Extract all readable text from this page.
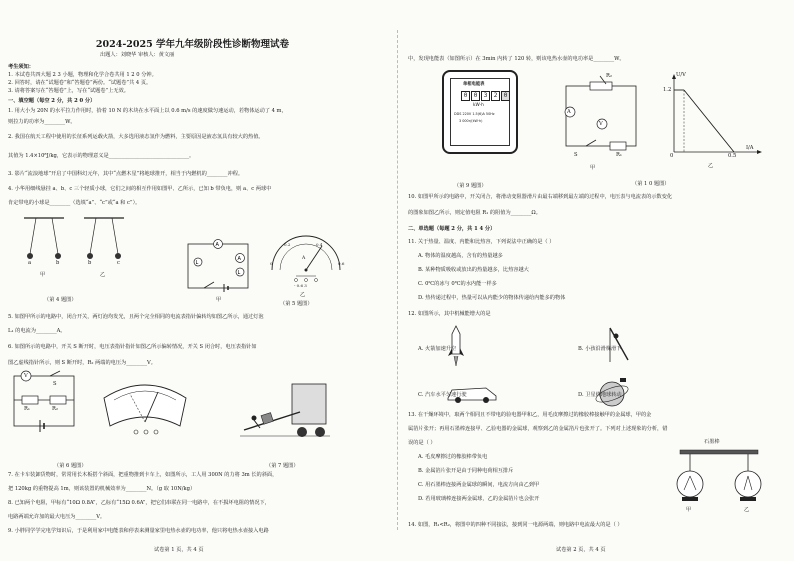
2024-2025 学年九年级阶段性诊断物理试卷
出题人：刘晓华 审核人：黄文丽
考生须知：
1. 本试卷共四大题 2 3 小题，物理和化学合卷共用 1 2 0 分钟。
2. 回答时，请在“试题卷”和“答题卷”两份。“试题卷”共 4 页。
3. 请将答案写在“答题卷”上，写在“试题卷”上无效。
一、填空题（每空 2 分，共 2 0 分）
1. 用大小为 20N 的水平拉力作用时，拾着 10 N 的木块在水平面上以 0.6 m/s 的速度做匀速运动，若物体运动了 4 m，
则拉力的功率为________W。
2. 我国在航天工程中使用的长征系列运载火箭，大多选用液态氢作为燃料，主要原因是液态氢具有较大的热值。
其值为 1.4×10⁸J/kg，它表示的物理意义是_______________________________。
3. 影片“流浪地球”开启了中国科幻元年，其中“点燃木星”将地球推开，相当于内燃机的________冲程。
4. 小华用细线悬挂 a、b、c 三个轻质小球，它们之间的相互作用如图甲、乙所示，已知 b 带负电，则 a、c 两球中
肯定带电的小球是________（选填“a”、“c”或“a 和 c”）。
a	b	b	c
甲	乙
（第 4 题图）
A
A
L
L
甲
0
0.2	0.4
0.6
A
- 0.6 3
乙
（第 5 题图）
5. 如图甲所示的电路中，闭合开关，两灯泡均发光，且两个完全相同的电流表指针偏转均如图乙所示，通过灯泡
L₁ 的电流为________A。
6. 如图所示的电路中，开关 S 断开时，电压表指针指针如图乙所示偏转情况，开关 S 闭合时，电压表指针如
图乙虚线指针所示，则 S 断开时，R₂ 两端的电压为________V。
V
S
R₁	R₂
（第 6 题图）	（第 7 题图）
7. 在卡车装卸货物时，常常用长木板搭个斜面，把重物推到卡车上，如图所示，工人用 300N 的力将 3m 长的斜面，
把 120kg 的重物提高 1m，则该装置的机械效率为________N。（g 取 10N/kg）
8. 已知两个电阻，甲标有“10Ω 0.8A”，乙标有“15Ω 0.6A”，把它们串联在同一电路中，在不损坏电阻的情况下，
电路两端允许加的最大电压为________V。
9. 小胖同学学完电学知识后，于是利用家中电能表和停表来测量家里电热水壶的电功率，他只将电热水壶接入电路
试卷第 1 页，共 4 页
中，发现电能表（如图所示）在 3min 内转了 120 转，则该电热水壶的电功率是________W。
单相电能表
0	0	3	2	0
kW·h
DDS 220V 1.5(6)A 50Hz
3 000r/(kW·h)
（第 9 题图）
A
V
R₂
S	R₁
甲
U/V
I/A
1.2
0.5
0
乙
（第 1 0 题图）
10. 如图甲所示的电路中，开关闭合，将滑动变阻器滑片由最右端移到最左端的过程中，电压表与电流表的示数变化
的图象如图乙所示，则定值电阻 R₁ 的阻值为________Ω。
二、单选题（每题 2 分，共 1 4 分）
11. 关于热量、温度、内能和比热容，下列说法中正确的是（ ）
A. 物体的温度越高，含有的热量越多
B. 某种物质吸收或放出的热量越多，比热容越大
C. 0℃的冰与 0℃的水内能一样多
D. 热传递过程中，热量可以从内能少的物体传递给内能多的物体
12. 如图所示，其中机械能增大的是
A. 火箭加速升空	B. 小孩沿滑梯滑下
C. 汽车水平匀速行驶	D. 卫星绕地球转动
13. 在干燥环境中，取两个相同且不带电的验电器甲和乙，用毛皮摩擦过的橡胶棒接触甲的金属球，甲的金
属箔片张开；再用石墨棒连接甲、乙验电器的金属球，观察到乙的金属箔片也张开了。下列对上述现象的分析，错
误的是（ ）
A. 毛皮摩擦过的橡胶棒带负电
B. 金属箔片张开是由于同种电荷相互排斥
C. 用石墨棒连接两金属球的瞬间，电流方向由乙到甲
D. 若用玻璃棒连接两金属球，乙的金属箔片也会张开
石墨棒
甲	乙
14. 如图，R₁<R₂，将图中的四种不同接法，接到同一电源两端，则电路中电流最大的是（ ）
试卷第 2 页，共 4 页
